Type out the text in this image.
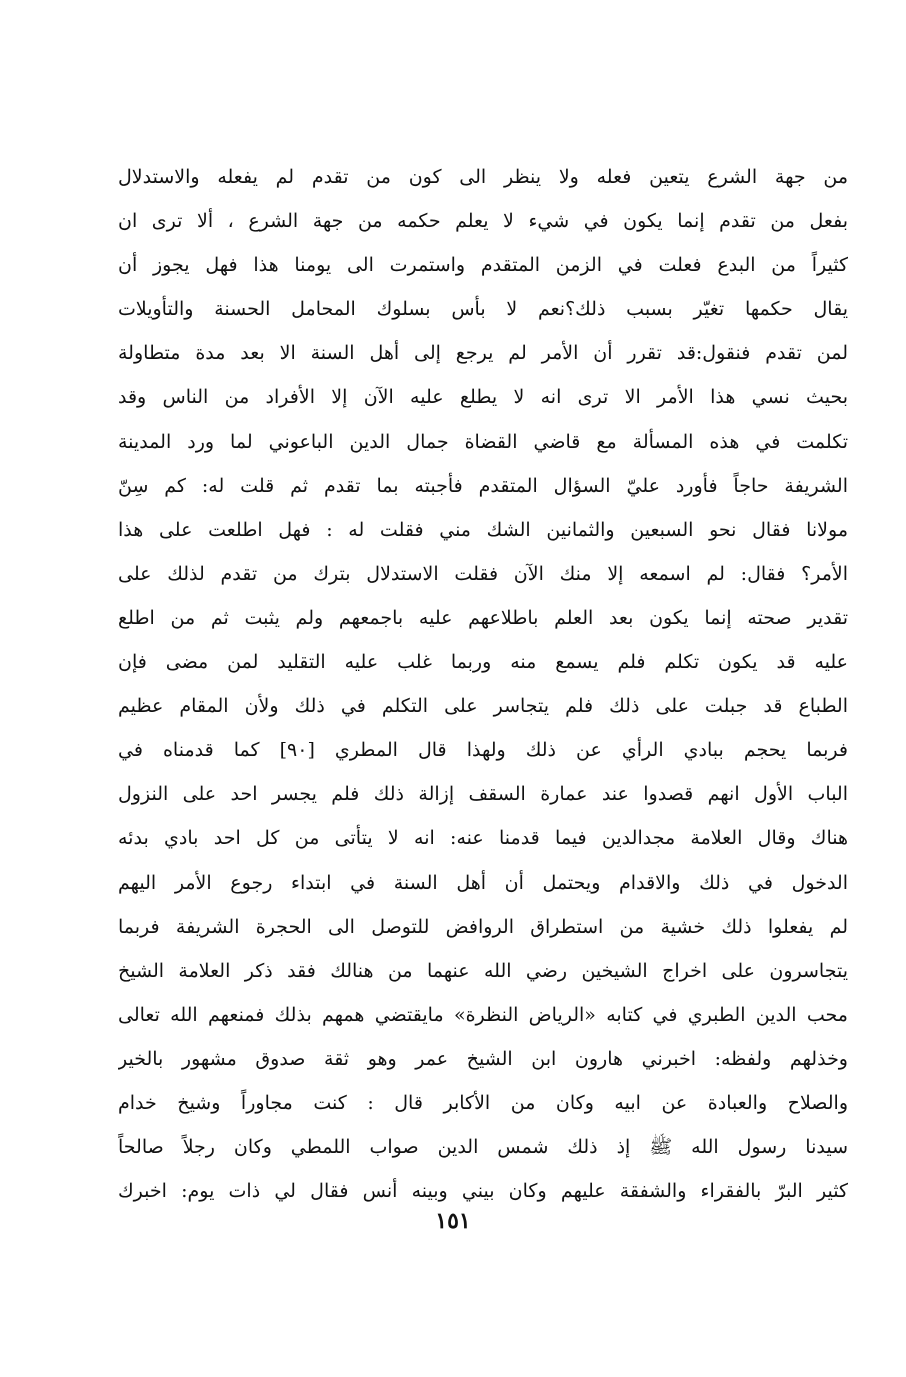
من جهة الشرع يتعين فعله ولا ينظر الى كون من تقدم لم يفعله والاستدلال
بفعل من تقدم إنما يكون في شيء لا يعلم حكمه من جهة الشرع ، ألا ترى ان
كثيراً من البدع فعلت في الزمن المتقدم واستمرت الى يومنا هذا فهل يجوز أن
يقال حكمها تغيّر بسبب ذلك؟نعم لا بأس بسلوك المحامل الحسنة والتأويلات
لمن تقدم فنقول:قد تقرر أن الأمر لم يرجع إلى أهل السنة الا بعد مدة متطاولة
بحيث نسي هذا الأمر الا ترى انه لا يطلع عليه الآن إلا الأفراد من الناس وقد
تكلمت في هذه المسألة مع قاضي القضاة جمال الدين الباعوني لما ورد المدينة
الشريفة حاجاً فأورد عليّ السؤال المتقدم فأجبته بما تقدم ثم قلت له: كم سِنّ
مولانا فقال نحو السبعين والثمانين الشك مني فقلت له : فهل اطلعت على هذا
الأمر؟ فقال: لم اسمعه إلا منك الآن فقلت الاستدلال بترك من تقدم لذلك على
تقدير صحته إنما يكون بعد العلم باطلاعهم عليه باجمعهم ولم يثبت ثم من اطلع
عليه قد يكون تكلم فلم يسمع منه وربما غلب عليه التقليد لمن مضى فإن
الطباع قد جبلت على ذلك فلم يتجاسر على التكلم في ذلك ولأن المقام عظيم
فربما يحجم ببادي الرأي عن ذلك ولهذا قال المطري [٩٠] كما قدمناه في
الباب الأول انهم قصدوا عند عمارة السقف إزالة ذلك فلم يجسر احد على النزول
هناك وقال العلامة مجدالدين فيما قدمنا عنه: انه لا يتأتى من كل احد بادي بدئه
الدخول في ذلك والاقدام ويحتمل أن أهل السنة في ابتداء رجوع الأمر اليهم
لم يفعلوا ذلك خشية من استطراق الروافض للتوصل الى الحجرة الشريفة فربما
يتجاسرون على اخراج الشيخين رضي الله عنهما من هنالك فقد ذكر العلامة الشيخ
محب الدين الطبري في كتابه «الرياض النظرة» مايقتضي همهم بذلك فمنعهم الله تعالى
وخذلهم ولفظه: اخبرني هارون ابن الشيخ عمر وهو ثقة صدوق مشهور بالخير
والصلاح والعبادة عن ابيه وكان من الأكابر قال : كنت مجاوراً وشيخ خدام
سيدنا رسول الله ﷺ إذ ذلك شمس الدين صواب اللمطي وكان رجلاً صالحاً
كثير البرّ بالفقراء والشفقة عليهم وكان بيني وبينه أنس فقال لي ذات يوم: اخبرك
١٥١
